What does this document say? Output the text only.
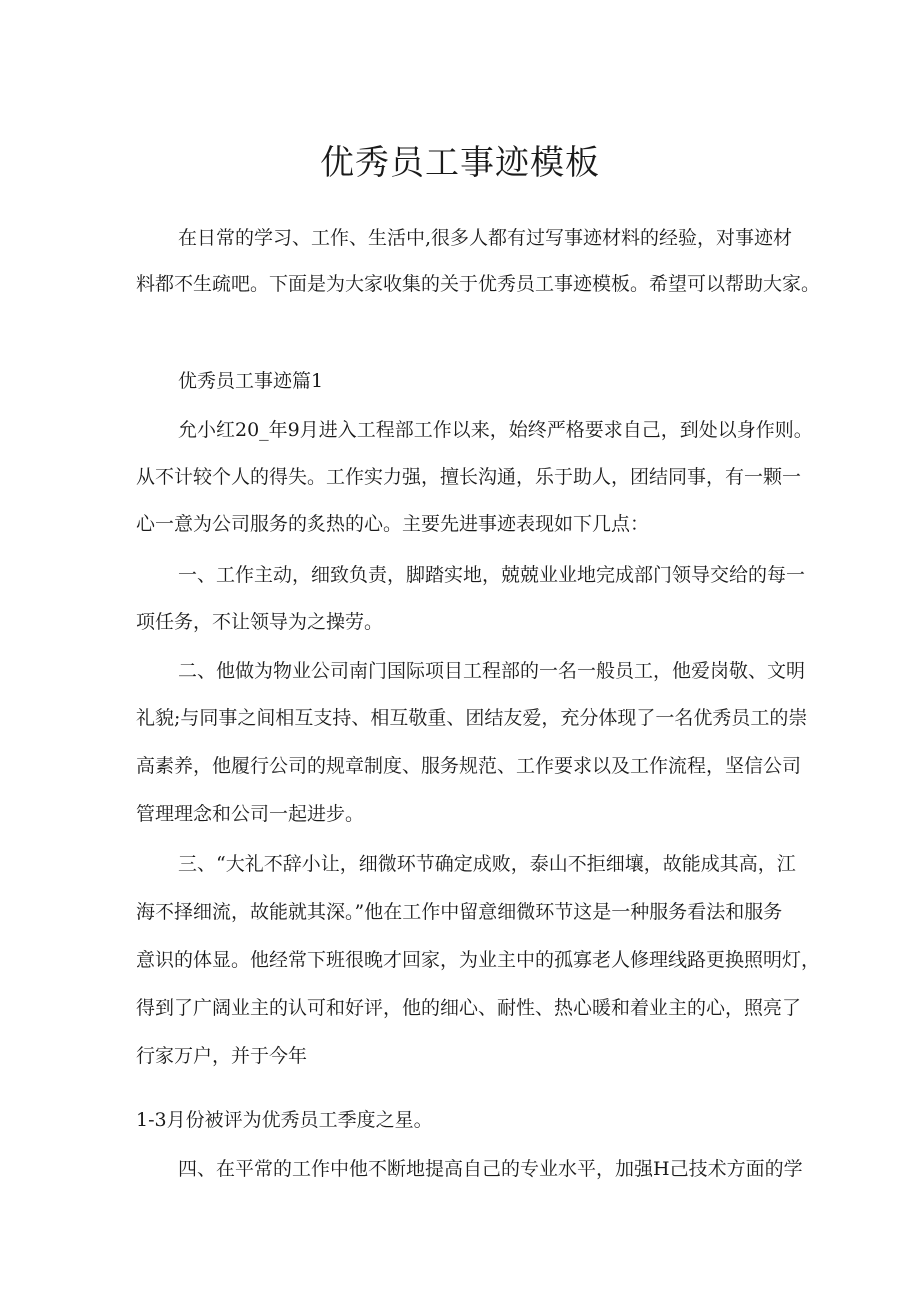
优秀员工事迹模板

在日常的学习、工作、生活中,很多人都有过写事迹材料的经验，对事迹材

料都不生疏吧。下面是为大家收集的关于优秀员工事迹模板。希望可以帮助大家。

优秀员工事迹篇1

允小红20_年9月进入工程部工作以来，始终严格要求自己，到处以身作则。

从不计较个人的得失。工作实力强，擅长沟通，乐于助人，团结同事，有一颗一

心一意为公司服务的炙热的心。主要先进事迹表现如下几点：

一、工作主动，细致负责，脚踏实地，兢兢业业地完成部门领导交给的每一

项任务，不让领导为之操劳。

二、他做为物业公司南门国际项目工程部的一名一般员工，他爱岗敬、文明

礼貌;与同事之间相互支持、相互敬重、团结友爱，充分体现了一名优秀员工的崇

高素养，他履行公司的规章制度、服务规范、工作要求以及工作流程，坚信公司

管理理念和公司一起进步。

三、“大礼不辞小让，细微环节确定成败，泰山不拒细壤，故能成其高，江

海不择细流，故能就其深。”他在工作中留意细微环节这是一种服务看法和服务

意识的体显。他经常下班很晚才回家，为业主中的孤寡老人修理线路更换照明灯，

得到了广阔业主的认可和好评，他的细心、耐性、热心暖和着业主的心，照亮了

行家万户，并于今年

1-3月份被评为优秀员工季度之星。

四、在平常的工作中他不断地提高自己的专业水平，加强H己技术方面的学
